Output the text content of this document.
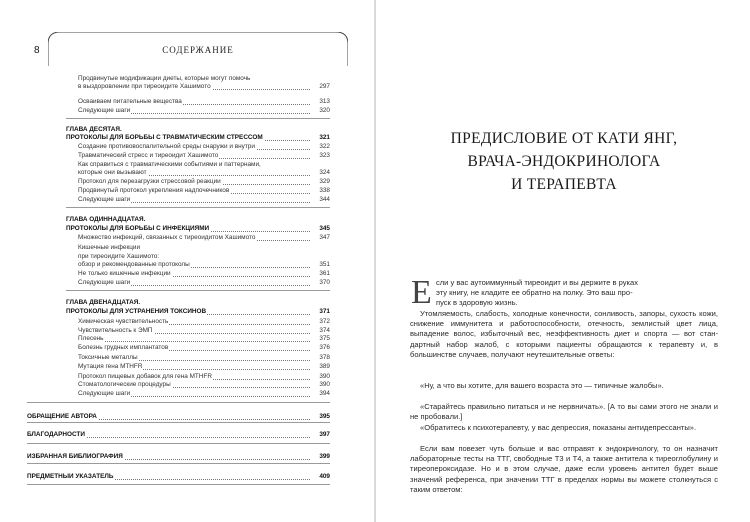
8	СОДЕРЖАНИЕ
Продвинутые модификации диеты, которые могут помочь
в выздоровлении при тиреоидите Хашимото	297
Осваиваем питательные вещества	313
Следующие шаги	320
ГЛАВА ДЕСЯТАЯ.
ПРОТОКОЛЫ ДЛЯ БОРЬБЫ С ТРАВМАТИЧЕСКИМ СТРЕССОМ	321
Создание противовоспалительной среды снаружи и внутри	322
Травматический стресс и тиреоидит Хашимото	323
Как справиться с травматическими событиями и паттернами,
которые они вызывают	324
Протокол для перезагрузки стрессовой реакции	329
Продвинутый протокол укрепления надпочечников	338
Следующие шаги	344
ГЛАВА ОДИННАДЦАТАЯ.
ПРОТОКОЛЫ ДЛЯ БОРЬБЫ С ИНФЕКЦИЯМИ	345
Множество инфекций, связанных с тиреоидитом Хашимото	347
Кишечные инфекции
при тиреоидите Хашимото:
обзор и рекомендованные протоколы	351
Не только кишечные инфекции	361
Следующие шаги	370
ГЛАВА ДВЕНАДЦАТАЯ.
ПРОТОКОЛЫ ДЛЯ УСТРАНЕНИЯ ТОКСИНОВ	371
Химическая чувствительность	372
Чувствительность к ЭМП	374
Плесень	375
Болезнь грудных имплантатов	376
Токсичные металлы	378
Мутация гена MTHFR	389
Протокол пищевых добавок для гена MTHFR	390
Стоматологические процедуры	390
Следующие шаги	394
ОБРАЩЕНИЕ АВТОРА	395
БЛАГОДАРНОСТИ	397
ИЗБРАННАЯ БИБЛИОГРАФИЯ	399
ПРЕДМЕТНЫЙ УКАЗАТЕЛЬ	409
ПРЕДИСЛОВИЕ ОТ КАТИ ЯНГ,
ВРАЧА-ЭНДОКРИНОЛОГА
И ТЕРАПЕВТА
Е сли у вас аутоиммунный тиреоидит и вы держите в руках
эту книгу, не кладите ее обратно на полку. Это ваш про-
пуск в здоровую жизнь.
Утомляемость, слабость, холодные конечности, сонливость, запоры, сухость кожи, снижение иммунитета и работоспособности, отечность, землистый цвет лица, выпадение волос, избыточный вес, неэффективность диет и спорта — вот стандартный набор жалоб, с которыми пациенты обращаются к терапевту и, в большинстве случаев, получают неутешительные ответы:
«Ну, а что вы хотите, для вашего возраста это — типичные жалобы».
«Старайтесь правильно питаться и не нервничать». [А то вы сами этого не знали и не пробовали.]
«Обратитесь к психотерапевту, у вас депрессия, показаны антидепрессанты».
Если вам повезет чуть больше и вас отправят к эндокринологу, то он назначит лабораторные тесты на ТТГ, свободные Т3 и Т4, а также антитела к тиреоглобулину и тиреопероксидазе. Но и в этом случае, даже если уровень антител будет выше значений референса, при значении ТТГ в пределах нормы вы можете столкнуться с таким ответом:
